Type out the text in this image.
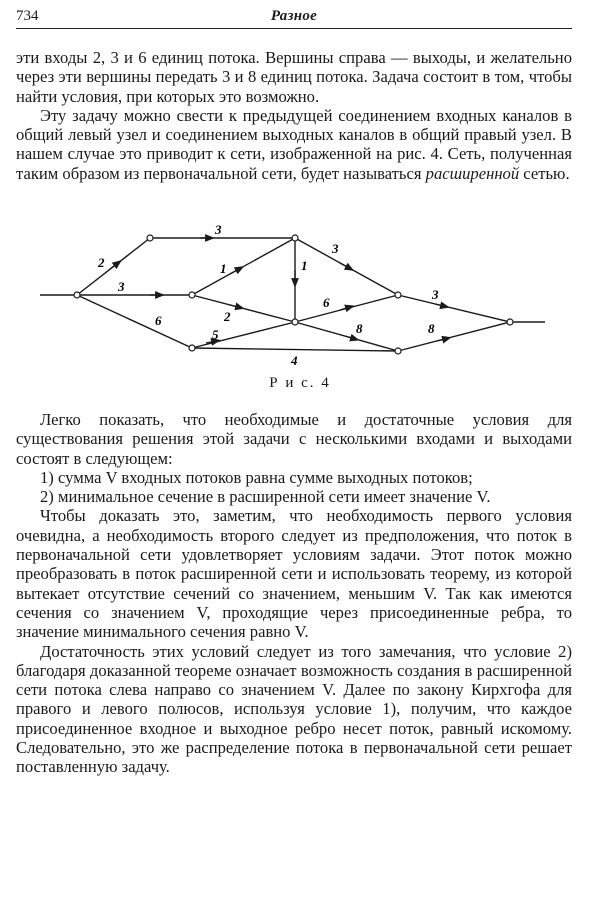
734	Разное

эти входы 2, 3 и 6 единиц потока. Вершины справа — выходы, и желательно через эти вершины передать 3 и 8 единиц потока. Задача состоит в том, чтобы найти условия, при которых это возможно.

Эту задачу можно свести к предыдущей соединением входных каналов в общий левый узел и соединением выходных каналов в общий правый узел. В нашем случае это приводит к сети, изображенной на рис. 4. Сеть, полученная таким образом из первоначальной сети, будет называться расширенной сетью.

2
3
6
3
1	1
2
5
3
6
8
4
3
8
Р и с. 4

Легко показать, что необходимые и достаточные условия для существования решения этой задачи с несколькими входами и выходами состоят в следующем:

1) сумма V входных потоков равна сумме выходных потоков;

2) минимальное сечение в расширенной сети имеет значение V.

Чтобы доказать это, заметим, что необходимость первого условия очевидна, а необходимость второго следует из предположения, что поток в первоначальной сети удовлетворяет условиям задачи. Этот поток можно преобразовать в поток расширенной сети и использовать теорему, из которой вытекает отсутствие сечений со значением, меньшим V. Так как имеются сечения со значением V, проходящие через присоединенные ребра, то значение минимального сечения равно V.

Достаточность этих условий следует из того замечания, что условие 2) благодаря доказанной теореме означает возможность создания в расширенной сети потока слева направо со значением V. Далее по закону Кирхгофа для правого и левого полюсов, используя условие 1), получим, что каждое присоединенное входное и выходное ребро несет поток, равный искомому. Следовательно, это же распределение потока в первоначальной сети решает поставленную задачу.
